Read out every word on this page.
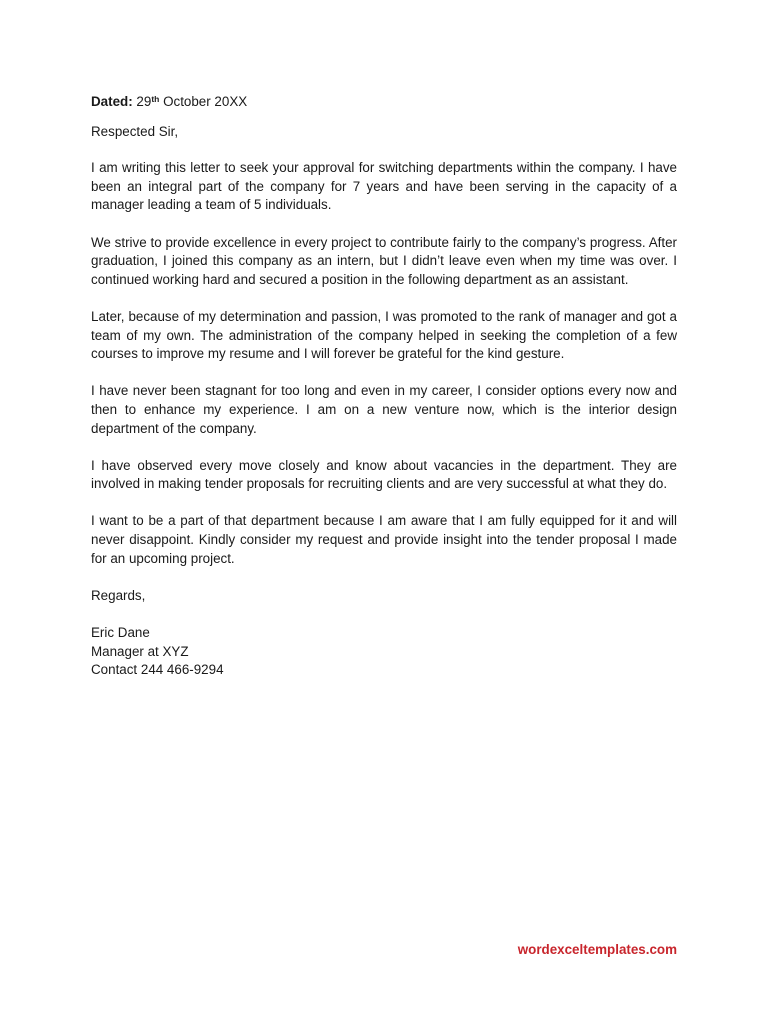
Dated: 29th October 20XX

Respected Sir,

I am writing this letter to seek your approval for switching departments within the company. I have been an integral part of the company for 7 years and have been serving in the capacity of a manager leading a team of 5 individuals.

We strive to provide excellence in every project to contribute fairly to the company’s progress. After graduation, I joined this company as an intern, but I didn’t leave even when my time was over. I continued working hard and secured a position in the following department as an assistant.

Later, because of my determination and passion, I was promoted to the rank of manager and got a team of my own. The administration of the company helped in seeking the completion of a few courses to improve my resume and I will forever be grateful for the kind gesture.

I have never been stagnant for too long and even in my career, I consider options every now and then to enhance my experience. I am on a new venture now, which is the interior design department of the company.

I have observed every move closely and know about vacancies in the department. They are involved in making tender proposals for recruiting clients and are very successful at what they do.

I want to be a part of that department because I am aware that I am fully equipped for it and will never disappoint. Kindly consider my request and provide insight into the tender proposal I made for an upcoming project.

Regards,

Eric Dane

Manager at XYZ

Contact 244 466-9294

wordexceltemplates.com
